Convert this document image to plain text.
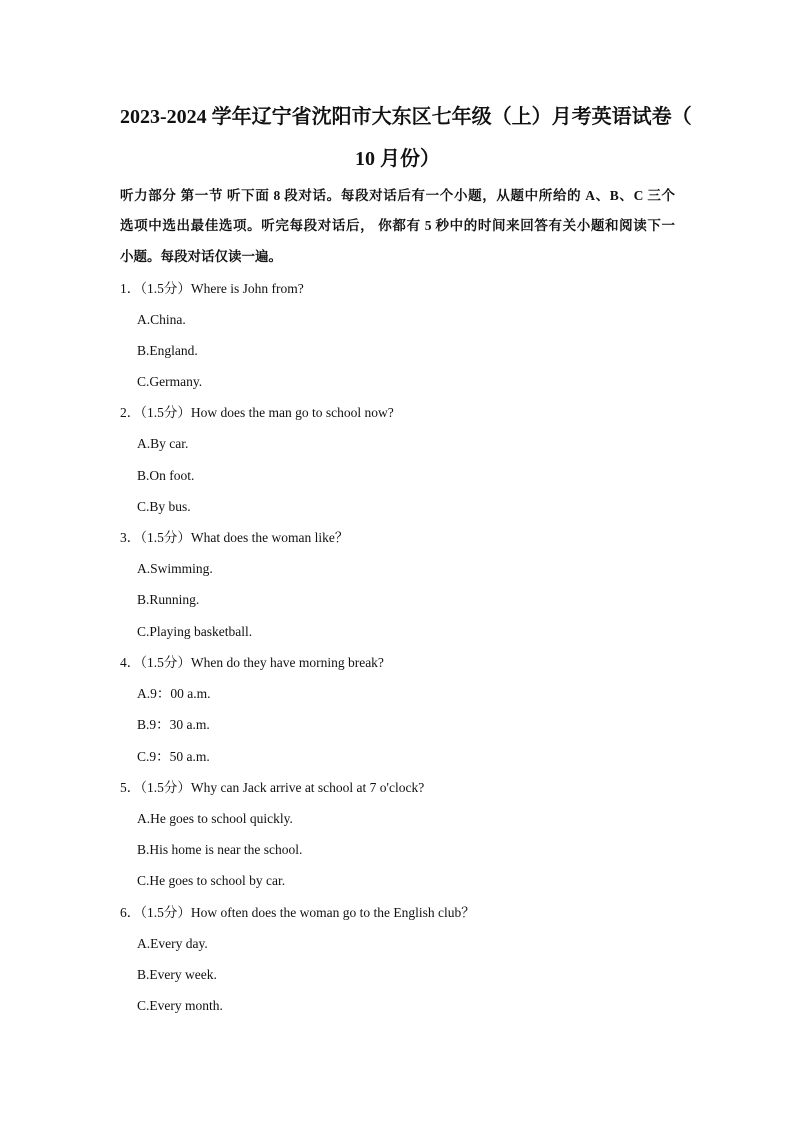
2023-2024 学年辽宁省沈阳市大东区七年级（上）月考英语试卷（
10 月份）
听力部分 第一节 听下面 8 段对话。每段对话后有一个小题，从题中所给的 A、B、C 三个
选项中选出最佳选项。听完每段对话后， 你都有 5 秒中的时间来回答有关小题和阅读下一
小题。每段对话仅读一遍。
1．（1.5分）Where is John from?
A.China.
B.England.
C.Germany.
2．（1.5分）How does the man go to school now?
A.By car.
B.On foot.
C.By bus.
3．（1.5分）What does the woman like？
A.Swimming.
B.Running.
C.Playing basketball.
4．（1.5分）When do they have morning break?
A.9：00 a.m.
B.9：30 a.m.
C.9：50 a.m.
5．（1.5分）Why can Jack arrive at school at 7 o'clock?
A.He goes to school quickly.
B.His home is near the school.
C.He goes to school by car.
6．（1.5分）How often does the woman go to the English club？
A.Every day.
B.Every week.
C.Every month.
